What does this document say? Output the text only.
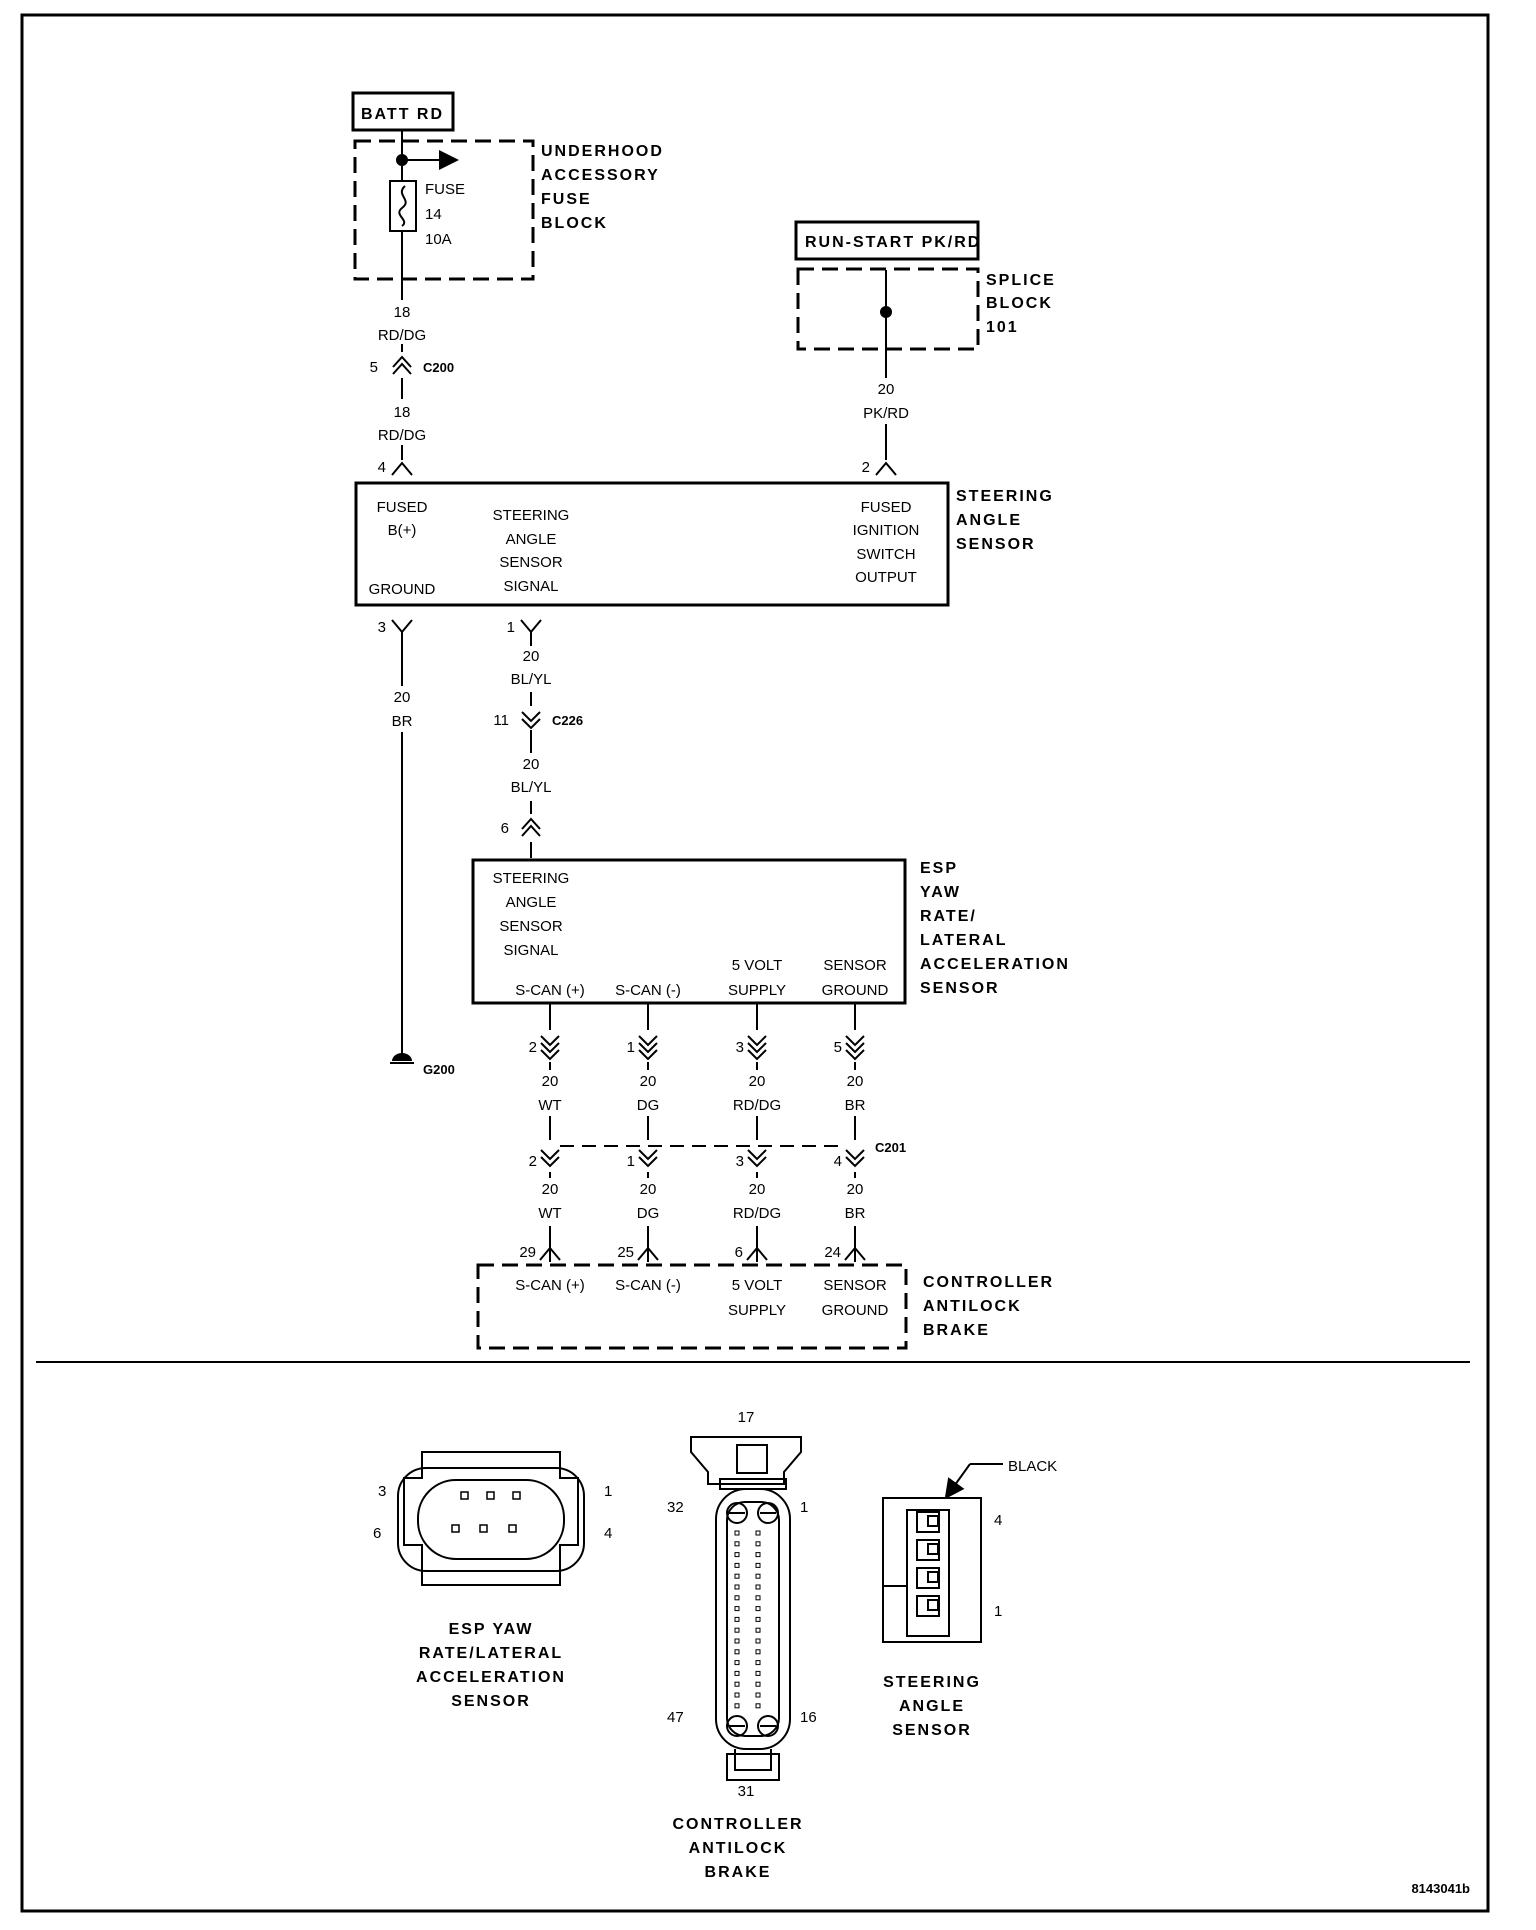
BATT RD
FUSE
14
10A
UNDERHOOD
ACCESSORY
FUSE
BLOCK
18
RD/DG
5	C200
18
RD/DG
4
RUN-START PK/RD
SPLICE
BLOCK
101
20
PK/RD
2
FUSED
B(+)
GROUND
STEERING
ANGLE
SENSOR
SIGNAL
FUSED
IGNITION
SWITCH
OUTPUT
STEERING
ANGLE
SENSOR
3
20
BR
G200
1
20
BL/YL
11	C226
20
BL/YL
6
STEERING
ANGLE
SENSOR
SIGNAL
S-CAN (+) S-CAN (-)
5 VOLT
SUPPLY
SENSOR
GROUND
ESP
YAW
RATE/
LATERAL
ACCELERATION
SENSOR
2
20
WT
2
20
WT
29
1
20
DG
1
20
DG
25
3
20
RD/DG
3
20
RD/DG
6
5
20
BR
4
20
BR
24
C201
S-CAN (+) S-CAN (-)	5 VOLT
SUPPLY
SENSOR
GROUND
CONTROLLER
ANTILOCK
BRAKE
3	1
6	4
ESP YAW
RATE/LATERAL
ACCELERATION
SENSOR
17
32	1
47	16
31
CONTROLLER
ANTILOCK
BRAKE
BLACK
4
1
STEERING
ANGLE
SENSOR
8143041b
